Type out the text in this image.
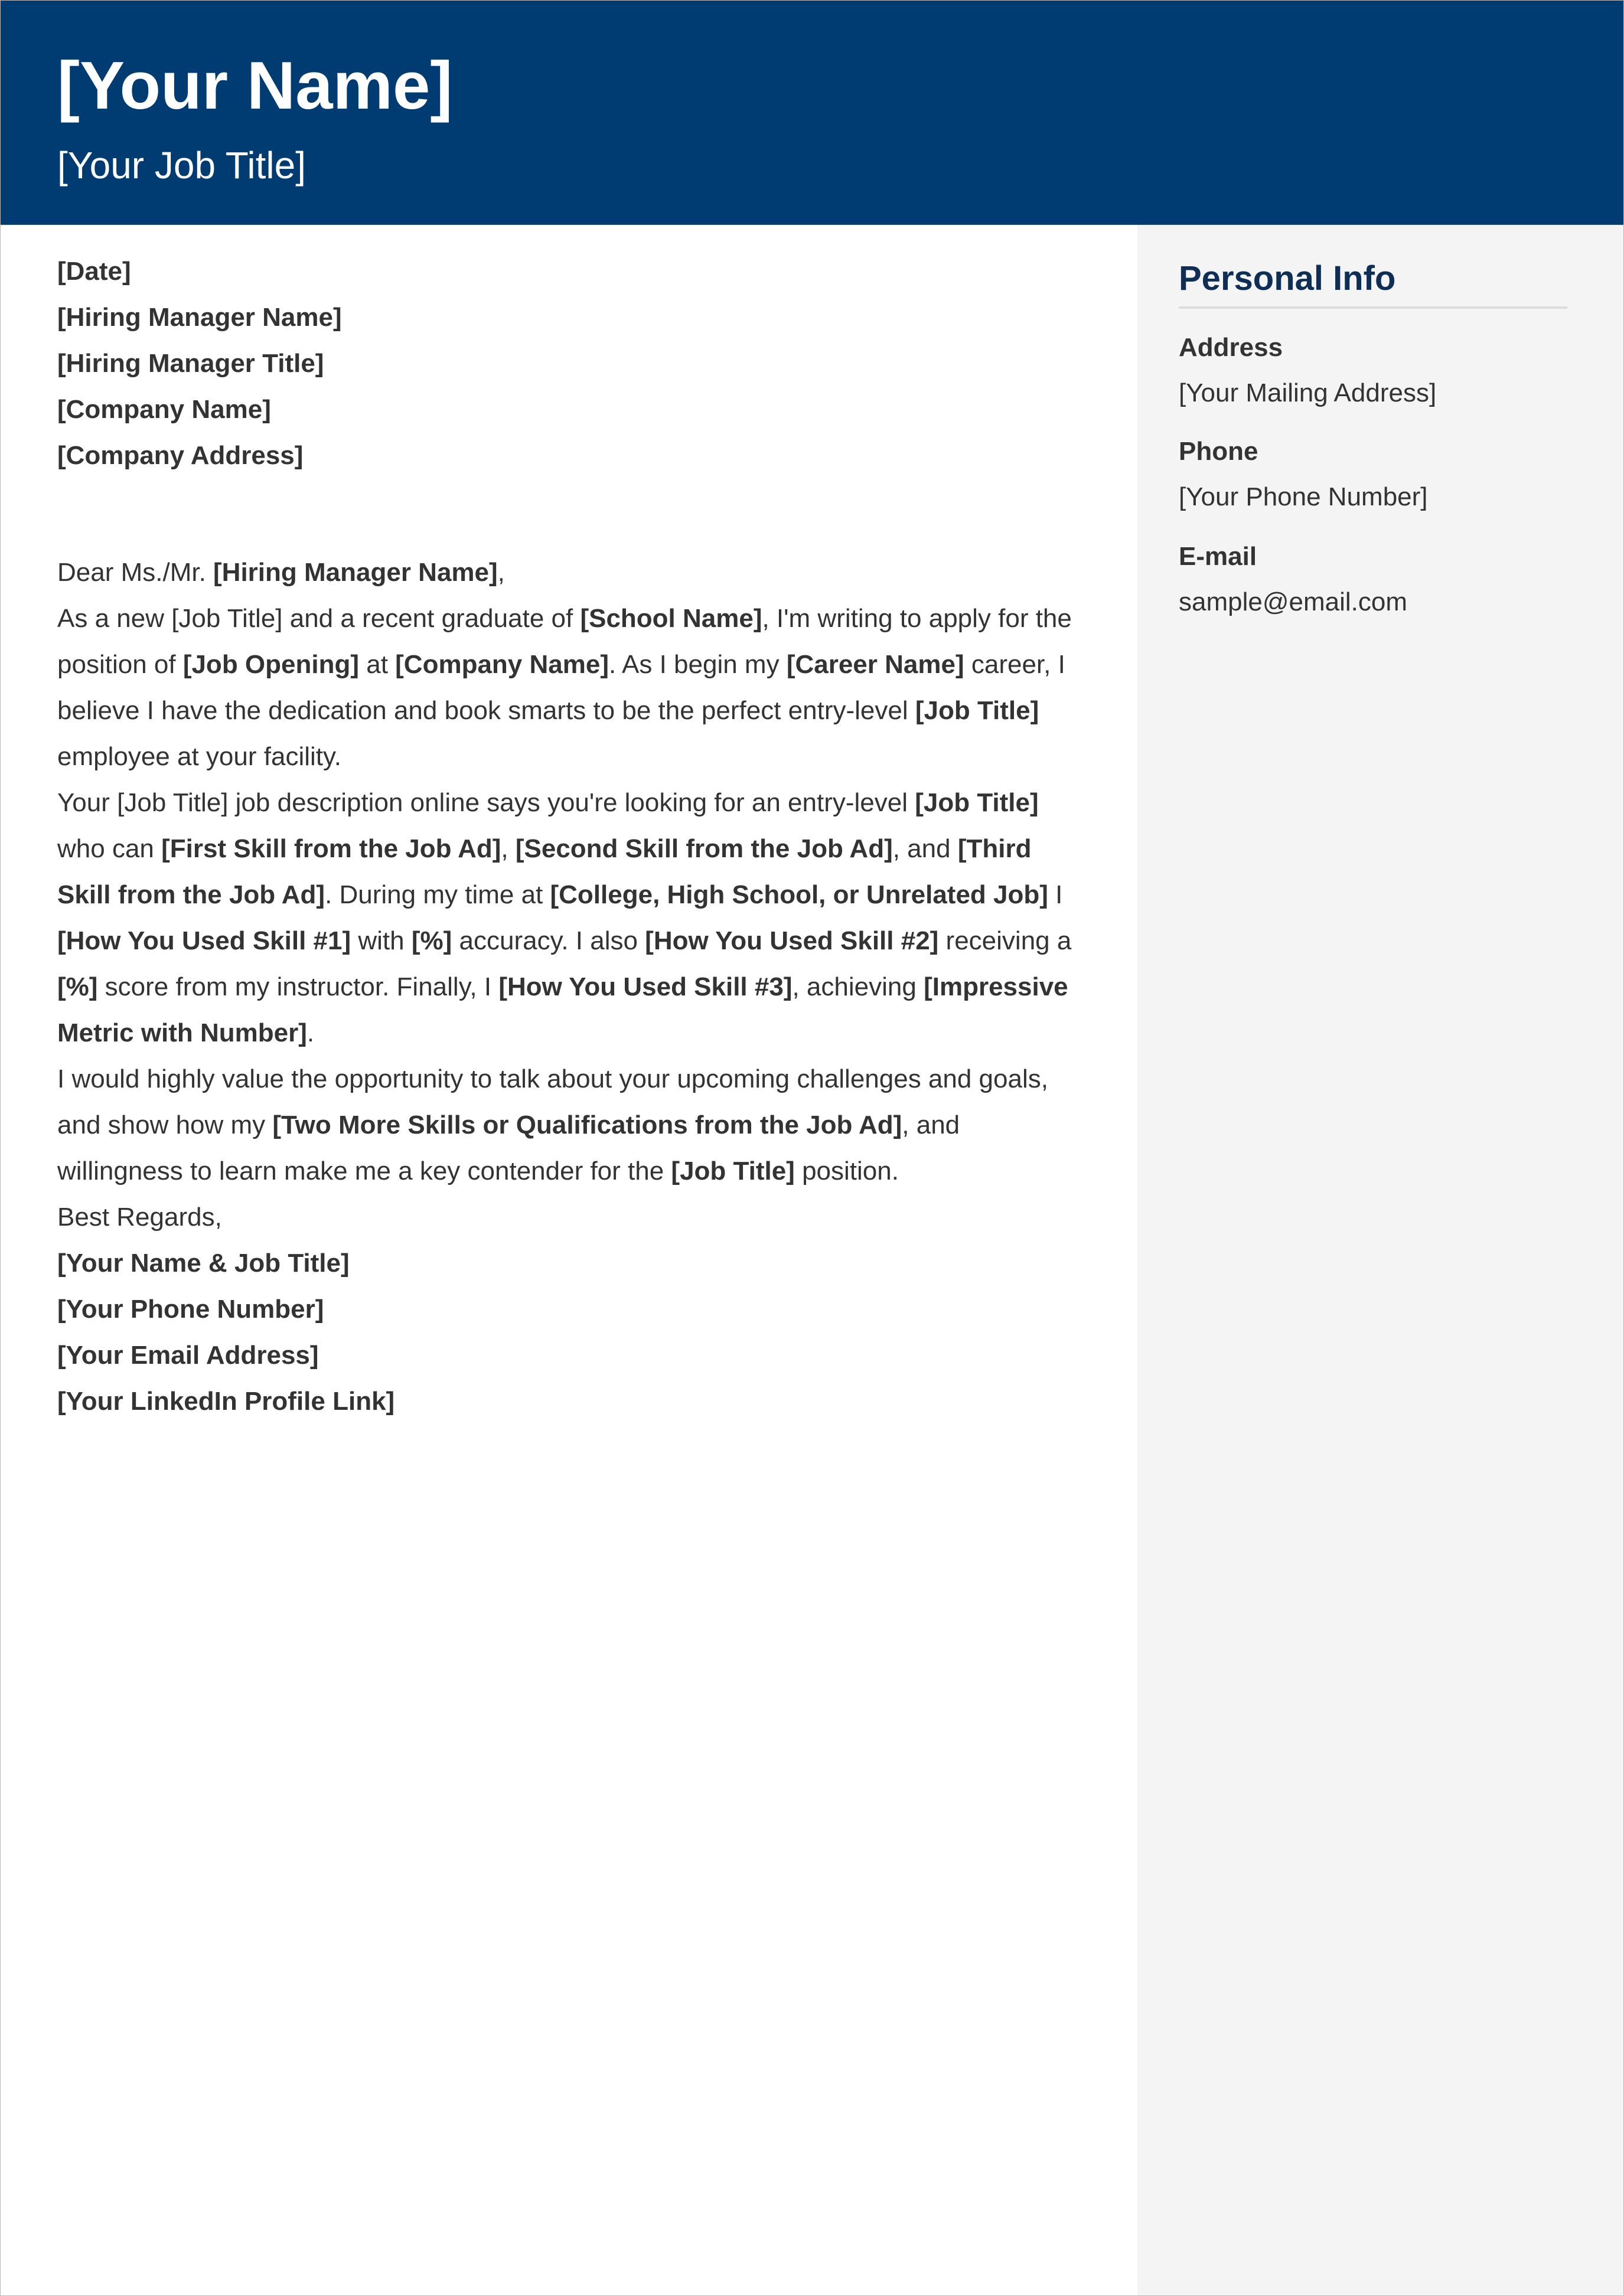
[Your Name]
[Your Job Title]

[Date]

[Hiring Manager Name]

[Hiring Manager Title]

[Company Name]

[Company Address]

Dear Ms./Mr. [Hiring Manager Name],

As a new [Job Title] and a recent graduate of [School Name], I'm writing to apply for the position of [Job Opening] at [Company Name]. As I begin my [Career Name] career, I believe I have the dedication and book smarts to be the perfect entry-level [Job Title] employee at your facility.

Your [Job Title] job description online says you're looking for an entry-level [Job Title] who can [First Skill from the Job Ad], [Second Skill from the Job Ad], and [Third Skill from the Job Ad]. During my time at [College, High School, or Unrelated Job] I [How You Used Skill #1] with [%] accuracy. I also [How You Used Skill #2] receiving a [%] score from my instructor. Finally, I [How You Used Skill #3], achieving [Impressive Metric with Number].

I would highly value the opportunity to talk about your upcoming challenges and goals, and show how my [Two More Skills or Qualifications from the Job Ad], and willingness to learn make me a key contender for the [Job Title] position.

Best Regards,

[Your Name & Job Title]

[Your Phone Number]

[Your Email Address]

[Your LinkedIn Profile Link]

Personal Info
Address
[Your Mailing Address]
Phone
[Your Phone Number]
E-mail
sample@email.com
